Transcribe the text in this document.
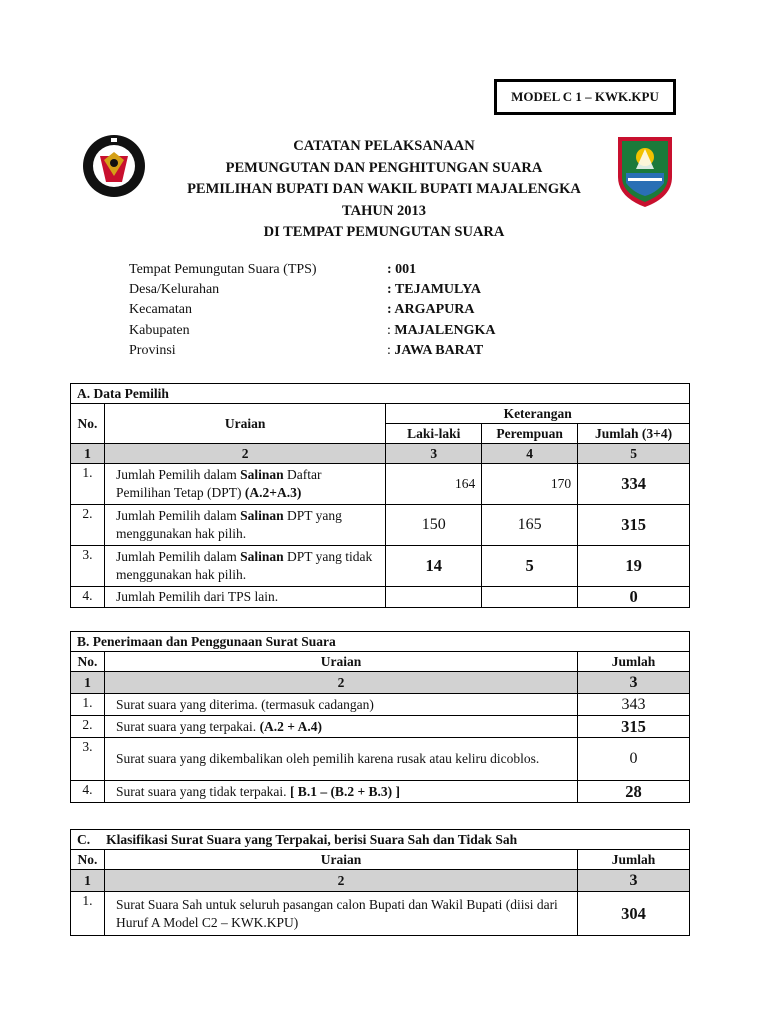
MODEL C 1 – KWK.KPU
CATATAN PELAKSANAAN
PEMUNGUTAN DAN PENGHITUNGAN SUARA
PEMILIHAN BUPATI DAN WAKIL BUPATI MAJALENGKA
TAHUN 2013
DI TEMPAT PEMUNGUTAN SUARA
Tempat Pemungutan Suara (TPS)	: 001
Desa/Kelurahan	: TEJAMULYA
Kecamatan	: ARGAPURA
Kabupaten	: MAJALENGKA
Provinsi	: JAWA BARAT
A. Data Pemilih				
No.	Uraian	Keterangan		
		Laki-laki	Perempuan	Jumlah (3+4)
1	2	3	4	5
1.	Jumlah Pemilih dalam Salinan Daftar Pemilihan Tetap (DPT) (A.2+A.3)	164	170	334
2.	Jumlah Pemilih dalam Salinan DPT yang menggunakan hak pilih.	150	165	315
3.	Jumlah Pemilih dalam Salinan DPT yang tidak menggunakan hak pilih.	14	5	19
4.	Jumlah Pemilih dari TPS lain.			0
B. Penerimaan dan Penggunaan Surat Suara		
No.	Uraian	Jumlah
1	2	3
1.	Surat suara yang diterima. (termasuk cadangan)	343
2.	Surat suara yang terpakai. (A.2 + A.4)	315
3.	Surat suara yang dikembalikan oleh pemilih karena rusak atau keliru dicoblos.	0
4.	Surat suara yang tidak terpakai. [ B.1 – (B.2 + B.3) ]	28
C. Klasifikasi Surat Suara yang Terpakai, berisi Suara Sah dan Tidak Sah		
No.	Uraian	Jumlah
1	2	3
1.	Surat Suara Sah untuk seluruh pasangan calon Bupati dan Wakil Bupati (diisi dari Huruf A Model C2 – KWK.KPU)	304
